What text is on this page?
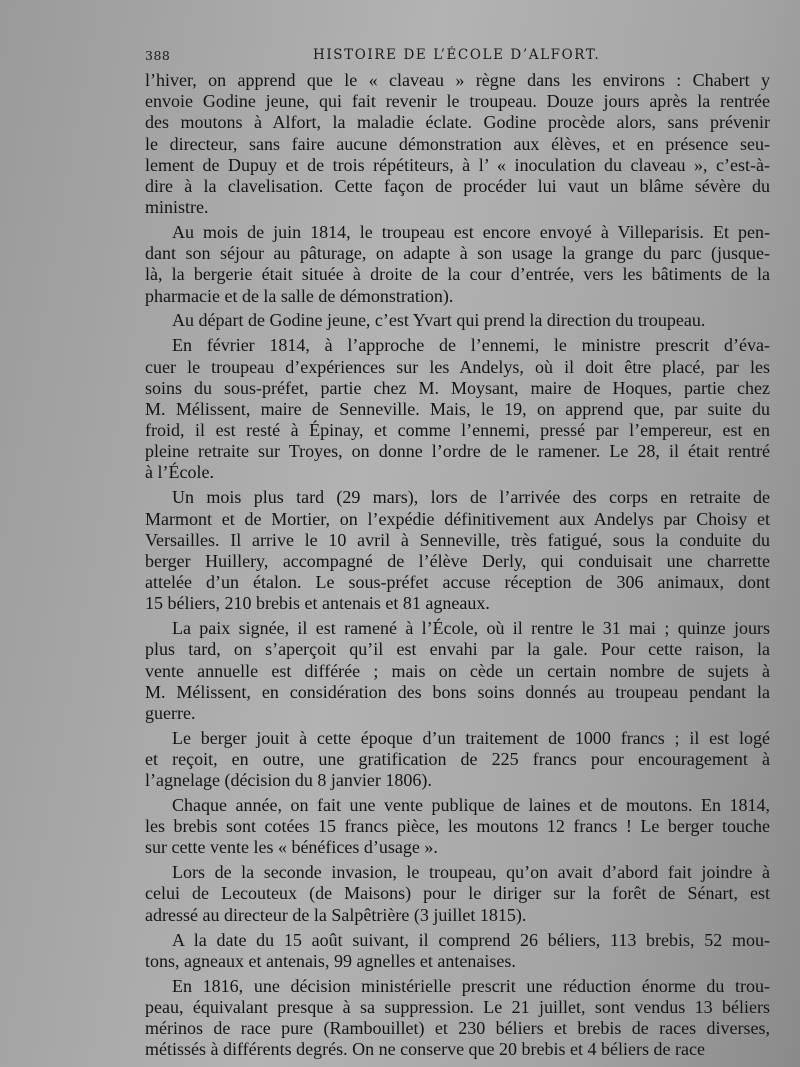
388	HISTOIRE DE L’ÉCOLE D’ALFORT.
l’hiver, on apprend que le « claveau » règne dans les environs : Chabert y
envoie Godine jeune, qui fait revenir le troupeau. Douze jours après la rentrée
des moutons à Alfort, la maladie éclate. Godine procède alors, sans prévenir
le directeur, sans faire aucune démonstration aux élèves, et en présence seu-
lement de Dupuy et de trois répétiteurs, à l’ « inoculation du claveau », c’est-à-
dire à la clavelisation. Cette façon de procéder lui vaut un blâme sévère du
ministre.
Au mois de juin 1814, le troupeau est encore envoyé à Villeparisis. Et pen-
dant son séjour au pâturage, on adapte à son usage la grange du parc (jusque-
là, la bergerie était située à droite de la cour d’entrée, vers les bâtiments de la
pharmacie et de la salle de démonstration).
Au départ de Godine jeune, c’est Yvart qui prend la direction du troupeau.
En février 1814, à l’approche de l’ennemi, le ministre prescrit d’éva-
cuer le troupeau d’expériences sur les Andelys, où il doit être placé, par les
soins du sous-préfet, partie chez M. Moysant, maire de Hoques, partie chez
M. Mélissent, maire de Senneville. Mais, le 19, on apprend que, par suite du
froid, il est resté à Épinay, et comme l’ennemi, pressé par l’empereur, est en
pleine retraite sur Troyes, on donne l’ordre de le ramener. Le 28, il était rentré
à l’École.
Un mois plus tard (29 mars), lors de l’arrivée des corps en retraite de
Marmont et de Mortier, on l’expédie définitivement aux Andelys par Choisy et
Versailles. Il arrive le 10 avril à Senneville, très fatigué, sous la conduite du
berger Huillery, accompagné de l’élève Derly, qui conduisait une charrette
attelée d’un étalon. Le sous-préfet accuse réception de 306 animaux, dont
15 béliers, 210 brebis et antenais et 81 agneaux.
La paix signée, il est ramené à l’École, où il rentre le 31 mai ; quinze jours
plus tard, on s’aperçoit qu’il est envahi par la gale. Pour cette raison, la
vente annuelle est différée ; mais on cède un certain nombre de sujets à
M. Mélissent, en considération des bons soins donnés au troupeau pendant la
guerre.
Le berger jouit à cette époque d’un traitement de 1000 francs ; il est logé
et reçoit, en outre, une gratification de 225 francs pour encouragement à
l’agnelage (décision du 8 janvier 1806).
Chaque année, on fait une vente publique de laines et de moutons. En 1814,
les brebis sont cotées 15 francs pièce, les moutons 12 francs ! Le berger touche
sur cette vente les « bénéfices d’usage ».
Lors de la seconde invasion, le troupeau, qu’on avait d’abord fait joindre à
celui de Lecouteux (de Maisons) pour le diriger sur la forêt de Sénart, est
adressé au directeur de la Salpêtrière (3 juillet 1815).
A la date du 15 août suivant, il comprend 26 béliers, 113 brebis, 52 mou-
tons, agneaux et antenais, 99 agnelles et antenaises.
En 1816, une décision ministérielle prescrit une réduction énorme du trou-
peau, équivalant presque à sa suppression. Le 21 juillet, sont vendus 13 béliers
mérinos de race pure (Rambouillet) et 230 béliers et brebis de races diverses,
métissés à différents degrés. On ne conserve que 20 brebis et 4 béliers de race
